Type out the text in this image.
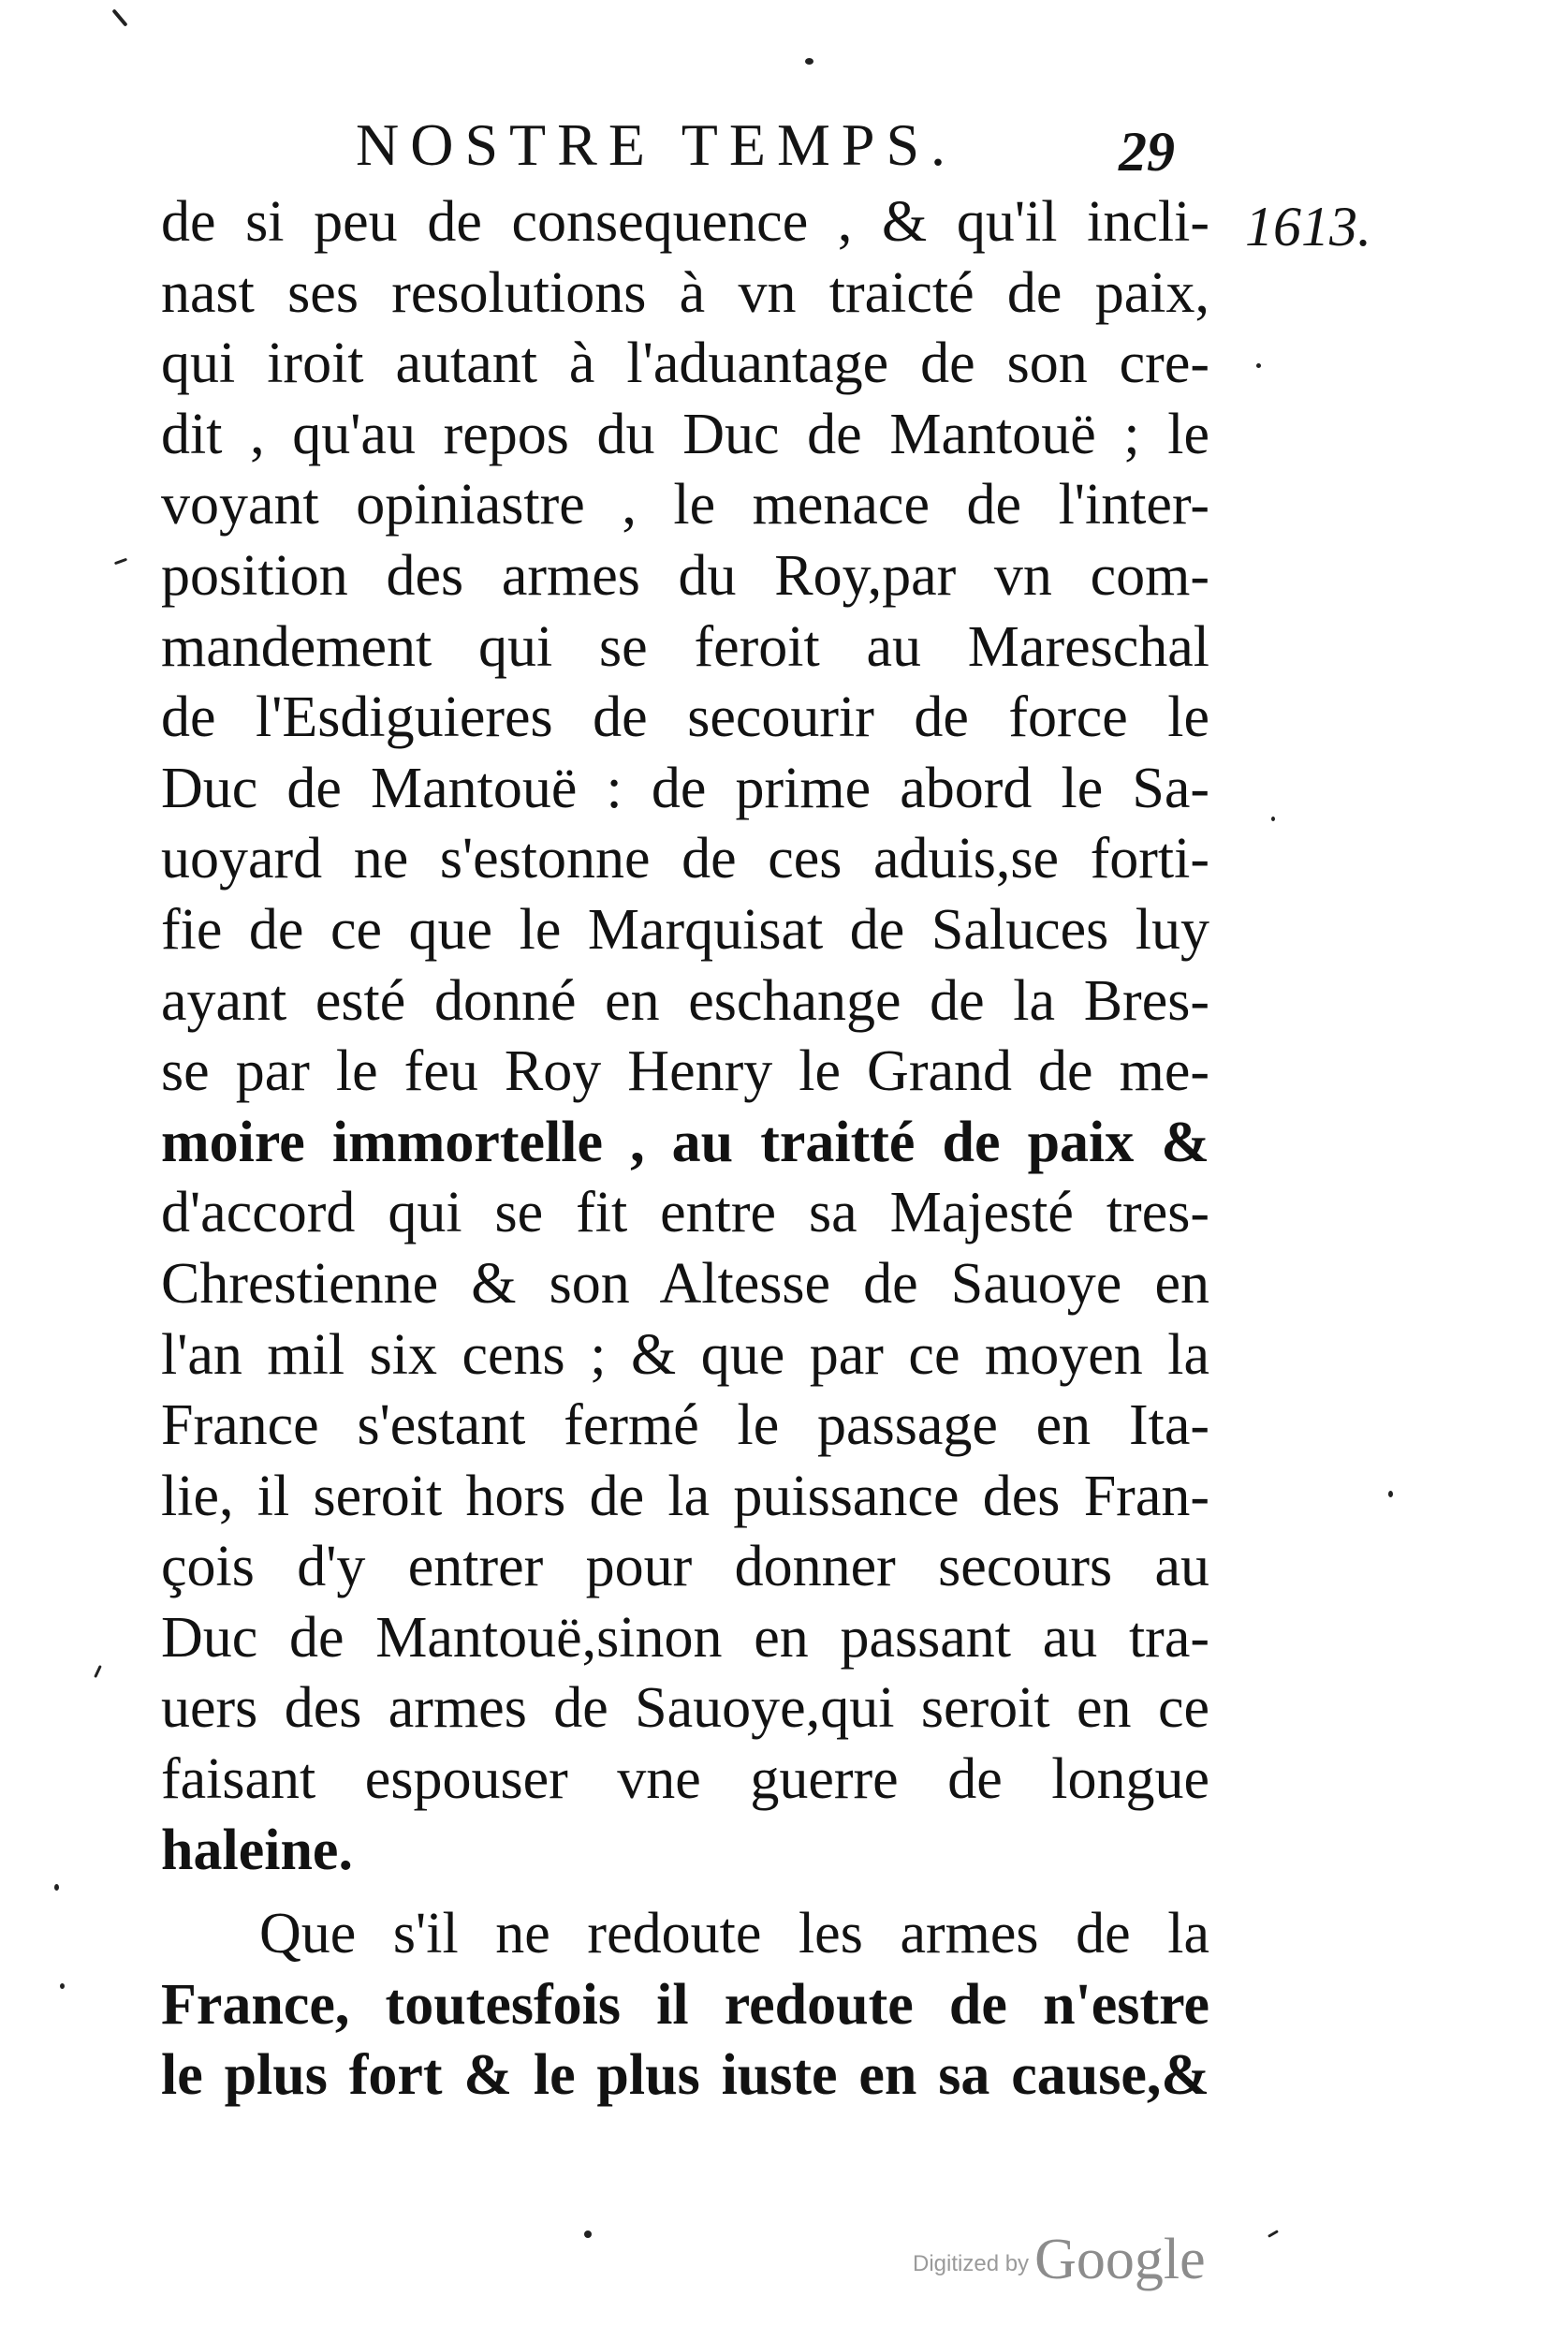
NOSTRE TEMPS.	29
1613.
de si peu de consequence , & qu'il incli-
nast ses resolutions à vn traicté de paix,
qui iroit autant à l'aduantage de son cre-
dit , qu'au repos du Duc de Mantouë ; le
voyant opiniastre , le menace de l'inter-
position des armes du Roy,par vn com-
mandement qui se feroit au Mareschal
de l'Esdiguieres de secourir de force le
Duc de Mantouë : de prime abord le Sa-
uoyard ne s'estonne de ces aduis,se forti-
fie de ce que le Marquisat de Saluces luy
ayant esté donné en eschange de la Bres-
se par le feu Roy Henry le Grand de me-
moire immortelle , au traitté de paix &
d'accord qui se fit entre sa Majesté tres-
Chrestienne & son Altesse de Sauoye en
l'an mil six cens ; & que par ce moyen la
France s'estant fermé le passage en Ita-
lie, il seroit hors de la puissance des Fran-
çois d'y entrer pour donner secours au
Duc de Mantouë,sinon en passant au tra-
uers des armes de Sauoye,qui seroit en ce
faisant espouser vne guerre de longue
haleine.
Que s'il ne redoute les armes de la
France, toutesfois il redoute de n'estre
le plus fort & le plus iuste en sa cause,&
Digitized byGoogle
